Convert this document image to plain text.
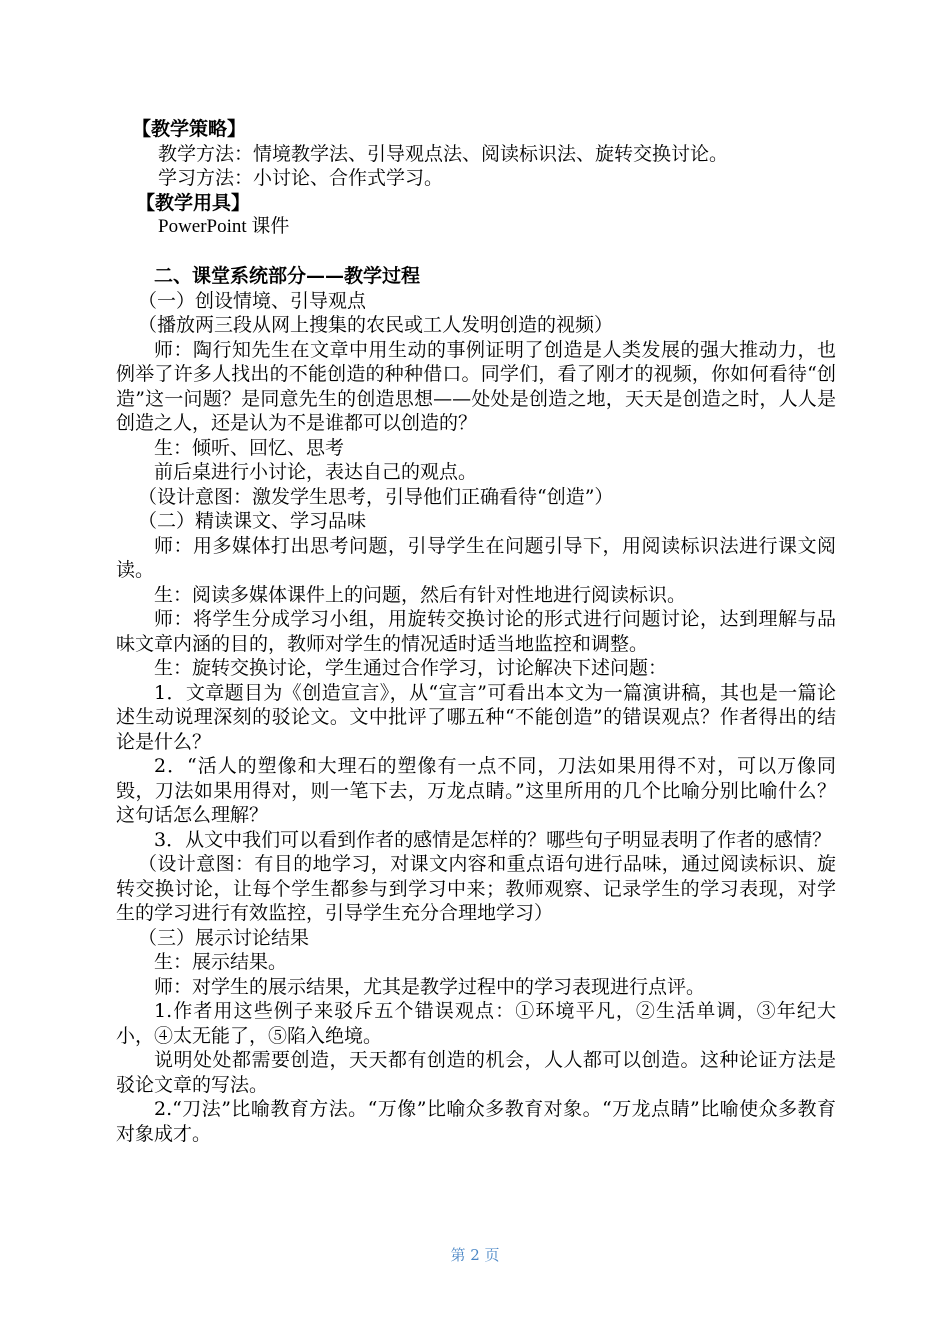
【教学策略】

教学方法：情境教学法、引导观点法、阅读标识法、旋转交换讨论。

学习方法：小讨论、合作式学习。

【教学用具】

PowerPoint 课件

二、课堂系统部分——教学过程

（一）创设情境、引导观点

（播放两三段从网上搜集的农民或工人发明创造的视频）

师：陶行知先生在文章中用生动的事例证明了创造是人类发展的强大推动力，也例举了许多人找出的不能创造的种种借口。同学们，看了刚才的视频，你如何看待“创造”这一问题？是同意先生的创造思想——处处是创造之地，天天是创造之时，人人是创造之人，还是认为不是谁都可以创造的？

生：倾听、回忆、思考

前后桌进行小讨论，表达自己的观点。

（设计意图：激发学生思考，引导他们正确看待“创造”）

（二）精读课文、学习品味

师：用多媒体打出思考问题，引导学生在问题引导下，用阅读标识法进行课文阅读。

生：阅读多媒体课件上的问题，然后有针对性地进行阅读标识。

师：将学生分成学习小组，用旋转交换讨论的形式进行问题讨论，达到理解与品味文章内涵的目的，教师对学生的情况适时适当地监控和调整。

生：旋转交换讨论，学生通过合作学习，讨论解决下述问题：

1．文章题目为《创造宣言》，从“宣言”可看出本文为一篇演讲稿，其也是一篇论述生动说理深刻的驳论文。文中批评了哪五种“不能创造”的错误观点？作者得出的结论是什么？

2．“活人的塑像和大理石的塑像有一点不同，刀法如果用得不对，可以万像同毁，刀法如果用得对，则一笔下去，万龙点睛。”这里所用的几个比喻分别比喻什么？这句话怎么理解？

3．从文中我们可以看到作者的感情是怎样的？哪些句子明显表明了作者的感情？

（设计意图：有目的地学习，对课文内容和重点语句进行品味，通过阅读标识、旋转交换讨论，让每个学生都参与到学习中来；教师观察、记录学生的学习表现，对学生的学习进行有效监控，引导学生充分合理地学习）

（三）展示讨论结果

生：展示结果。

师：对学生的展示结果，尤其是教学过程中的学习表现进行点评。

1.作者用这些例子来驳斥五个错误观点：①环境平凡，②生活单调，③年纪大小，④太无能了，⑤陷入绝境。

说明处处都需要创造，天天都有创造的机会，人人都可以创造。这种论证方法是驳论文章的写法。

2.“刀法”比喻教育方法。“万像”比喻众多教育对象。“万龙点睛”比喻使众多教育对象成才。

第 2 页
